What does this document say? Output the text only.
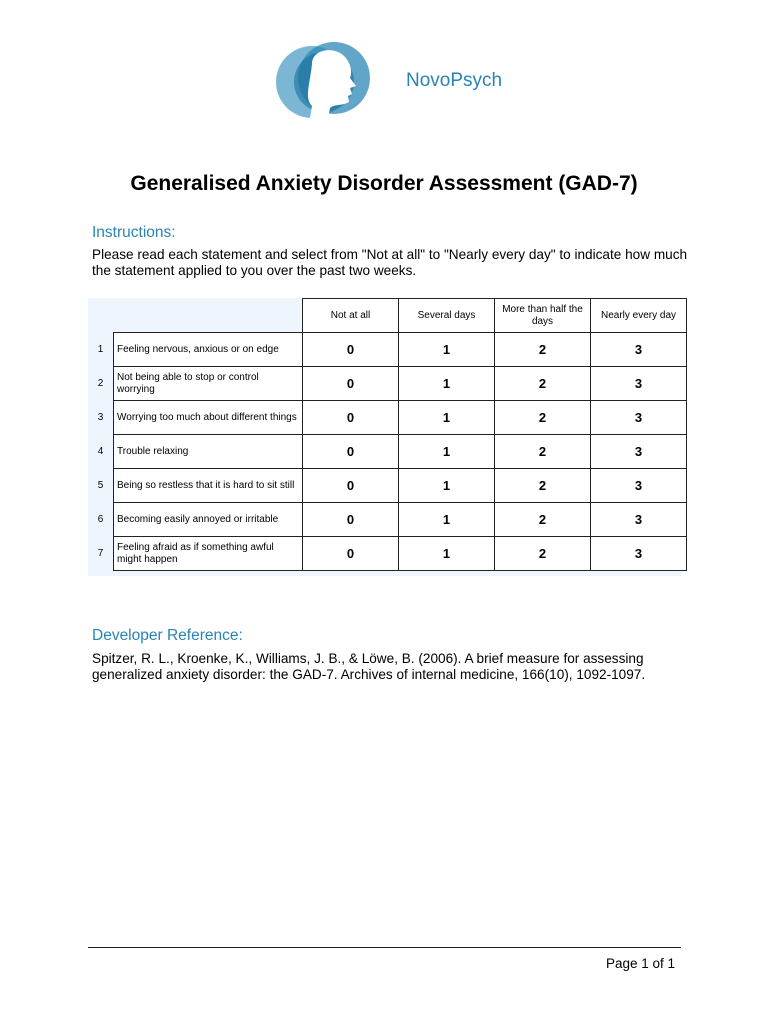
NovoPsych
Generalised Anxiety Disorder Assessment (GAD-7)
Instructions:
Please read each statement and select from "Not at all" to "Nearly every day" to indicate how much the statement applied to you over the past two weeks.
		Not at all	Several days	More than half the days	Nearly every day
1	Feeling nervous, anxious or on edge	0	1	2	3
2	Not being able to stop or control worrying	0	1	2	3
3	Worrying too much about different things	0	1	2	3
4	Trouble relaxing	0	1	2	3
5	Being so restless that it is hard to sit still	0	1	2	3
6	Becoming easily annoyed or irritable	0	1	2	3
7	Feeling afraid as if something awful might happen	0	1	2	3
Developer Reference:
Spitzer, R. L., Kroenke, K., Williams, J. B., & Löwe, B. (2006). A brief measure for assessing generalized anxiety disorder: the GAD-7. Archives of internal medicine, 166(10), 1092-1097.
Page 1 of 1
